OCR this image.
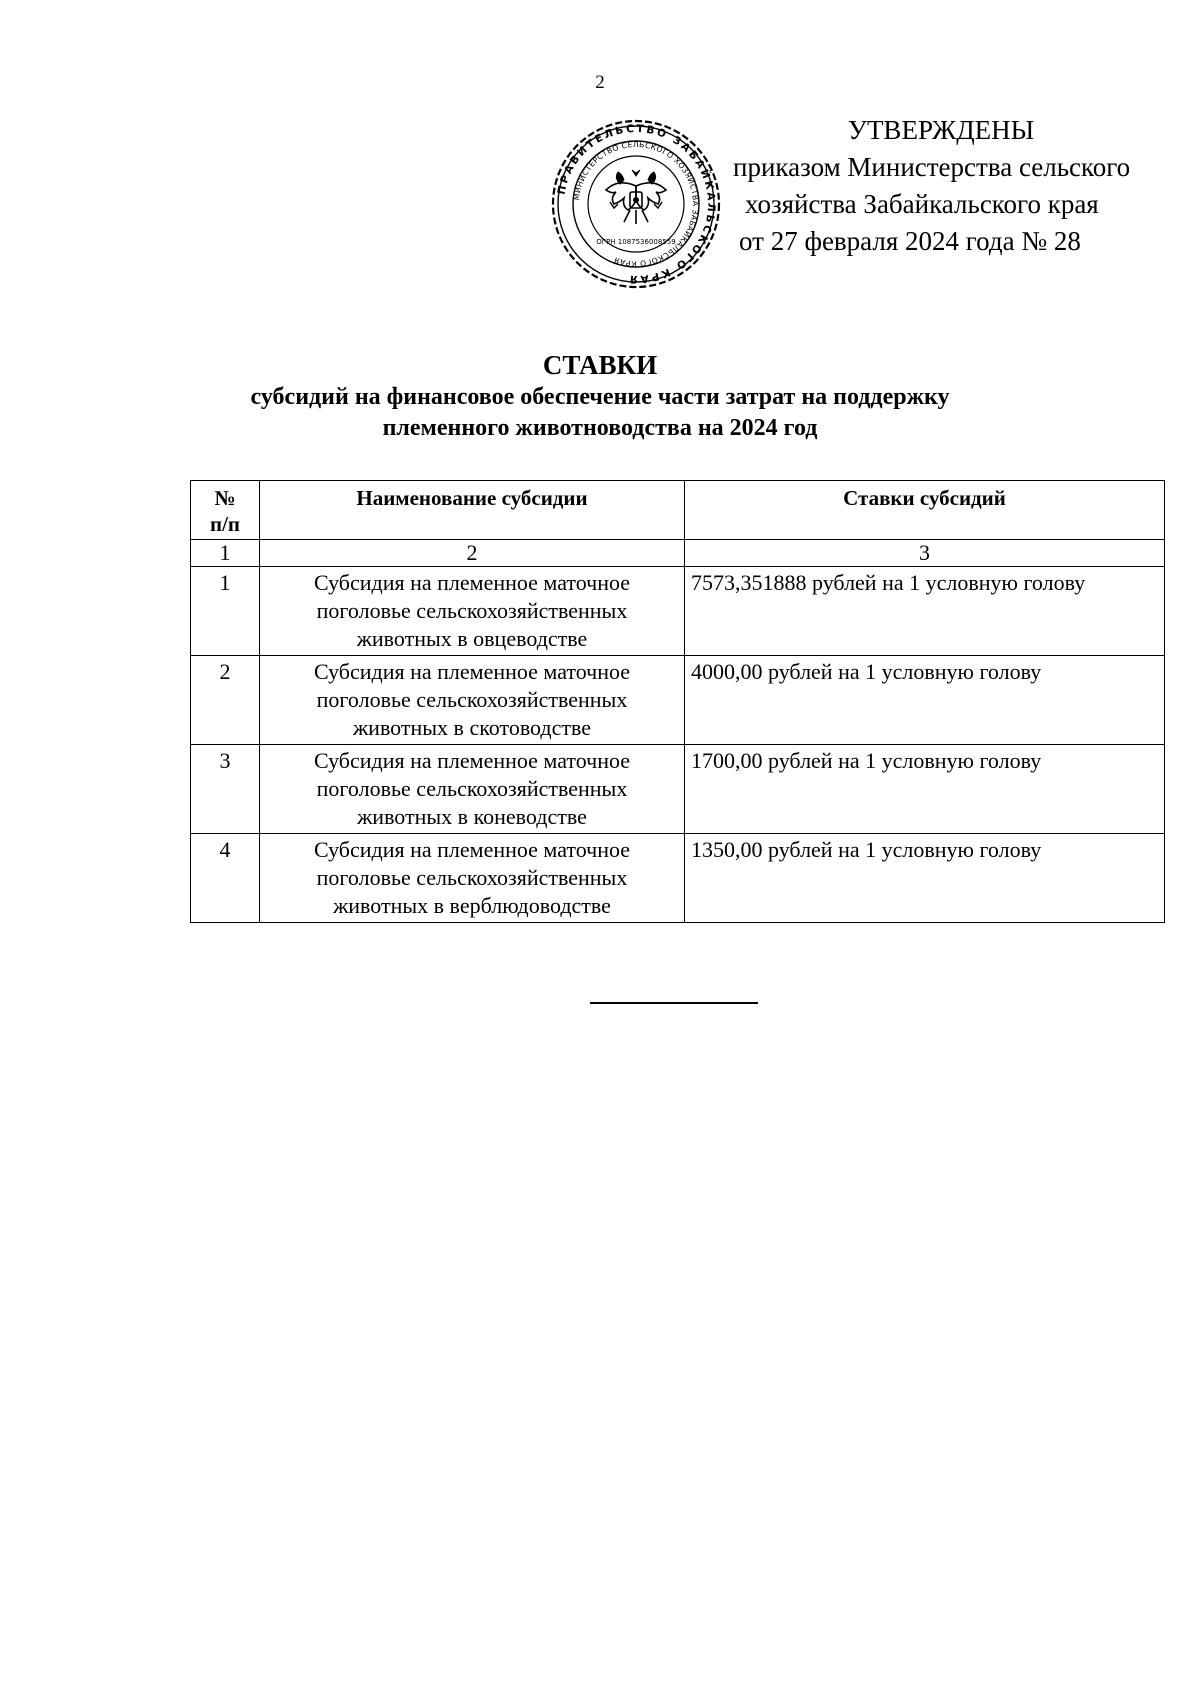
2
ПРАВИТЕЛЬСТВО ЗАБАЙКАЛЬСКОГО КРАЯ
МИНИСТЕРСТВО СЕЛЬСКОГО ХОЗЯЙСТВА ЗАБАЙКАЛЬСКОГО КРАЯ
ОГРН 1087536008559
УТВЕРЖДЕНЫ
приказом Министерства сельского
хозяйства Забайкальского края
от 27 февраля 2024 года № 28
СТАВКИ
субсидий на финансовое обеспечение части затрат на поддержку
племенного животноводства на 2024 год
№
п/п	Наименование субсидии	Ставки субсидий
1	2	3
1	Субсидия на племенное маточное
поголовье сельскохозяйственных
животных в овцеводстве	7573,351888 рублей на 1 условную голову
2	Субсидия на племенное маточное
поголовье сельскохозяйственных
животных в скотоводстве	4000,00 рублей на 1 условную голову
3	Субсидия на племенное маточное
поголовье сельскохозяйственных
животных в коневодстве	1700,00 рублей на 1 условную голову
4	Субсидия на племенное маточное
поголовье сельскохозяйственных
животных в верблюдоводстве	1350,00 рублей на 1 условную голову
